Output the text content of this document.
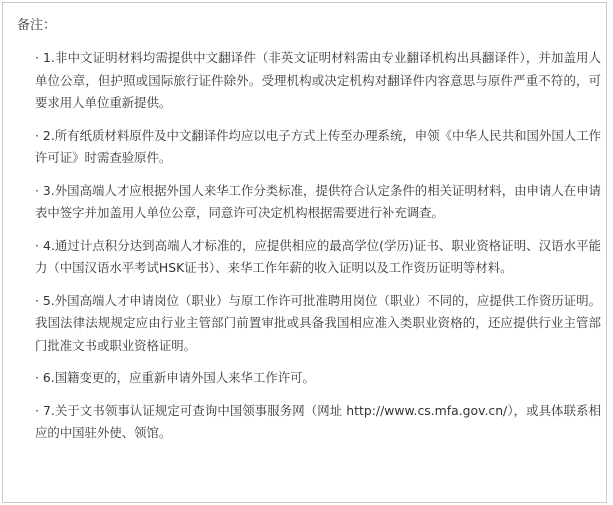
备注：
· 1.非中文证明材料均需提供中文翻译件（非英文证明材料需由专业翻译机构出具翻译件），并加盖用人单位公章，但护照或国际旅行证件除外。受理机构或决定机构对翻译件内容意思与原件严重不符的，可要求用人单位重新提供。
· 2.所有纸质材料原件及中文翻译件均应以电子方式上传至办理系统，申领《中华人民共和国外国人工作许可证》时需查验原件。
· 3.外国高端人才应根据外国人来华工作分类标准，提供符合认定条件的相关证明材料，由申请人在申请表中签字并加盖用人单位公章，同意许可决定机构根据需要进行补充调查。
· 4.通过计点积分达到高端人才标准的，应提供相应的最高学位(学历)证书、职业资格证明、汉语水平能力（中国汉语水平考试HSK证书）、来华工作年薪的收入证明以及工作资历证明等材料。
· 5.外国高端人才申请岗位（职业）与原工作许可批准聘用岗位（职业）不同的，应提供工作资历证明。我国法律法规规定应由行业主管部门前置审批或具备我国相应准入类职业资格的，还应提供行业主管部门批准文书或职业资格证明。
· 6.国籍变更的，应重新申请外国人来华工作许可。
· 7.关于文书领事认证规定可查询中国领事服务网（网址 http://www.cs.mfa.gov.cn/），或具体联系相应的中国驻外使、领馆。
